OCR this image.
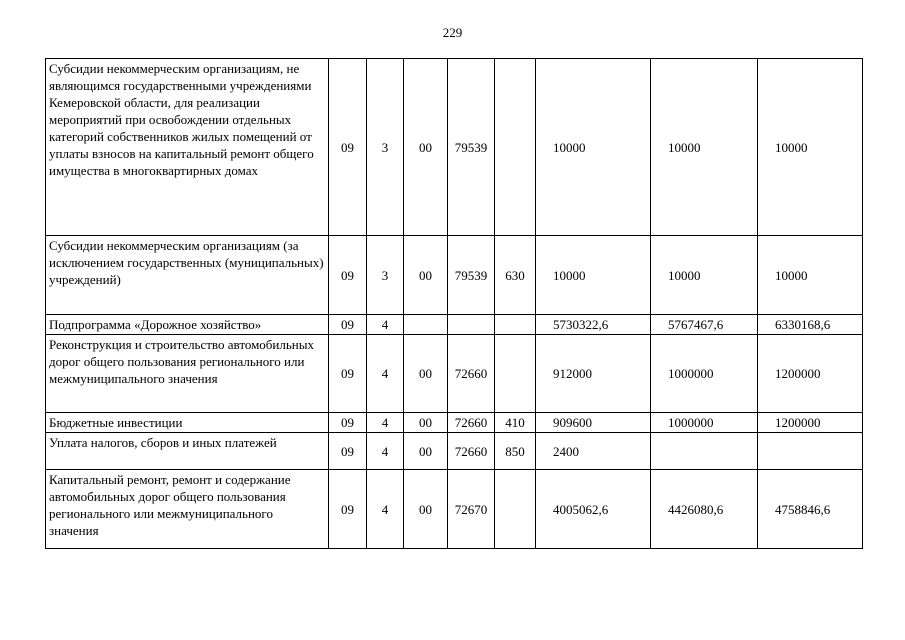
229
Субсидии некоммерческим организациям, не являющимся государственными учреждениями Кемеровской области, для реализации мероприятий при освобождении отдельных категорий собственников жилых помещений от уплаты взносов на капитальный ремонт общего имущества в многоквартирных домах	09	3	00	79539		10000	10000	10000
Субсидии некоммерческим организациям (за исключением государственных (муниципальных) учреждений)	09	3	00	79539	630	10000	10000	10000
Подпрограмма «Дорожное хозяйство»	09	4				5730322,6	5767467,6	6330168,6
Реконструкция и строительство автомобильных дорог общего пользования регионального или межмуниципального значения	09	4	00	72660		912000	1000000	1200000
Бюджетные инвестиции	09	4	00	72660	410	909600	1000000	1200000
Уплата налогов, сборов и иных платежей	09	4	00	72660	850	2400		
Капитальный ремонт, ремонт и содержание автомобильных дорог общего пользования регионального или межмуниципального значения	09	4	00	72670		4005062,6	4426080,6	4758846,6
